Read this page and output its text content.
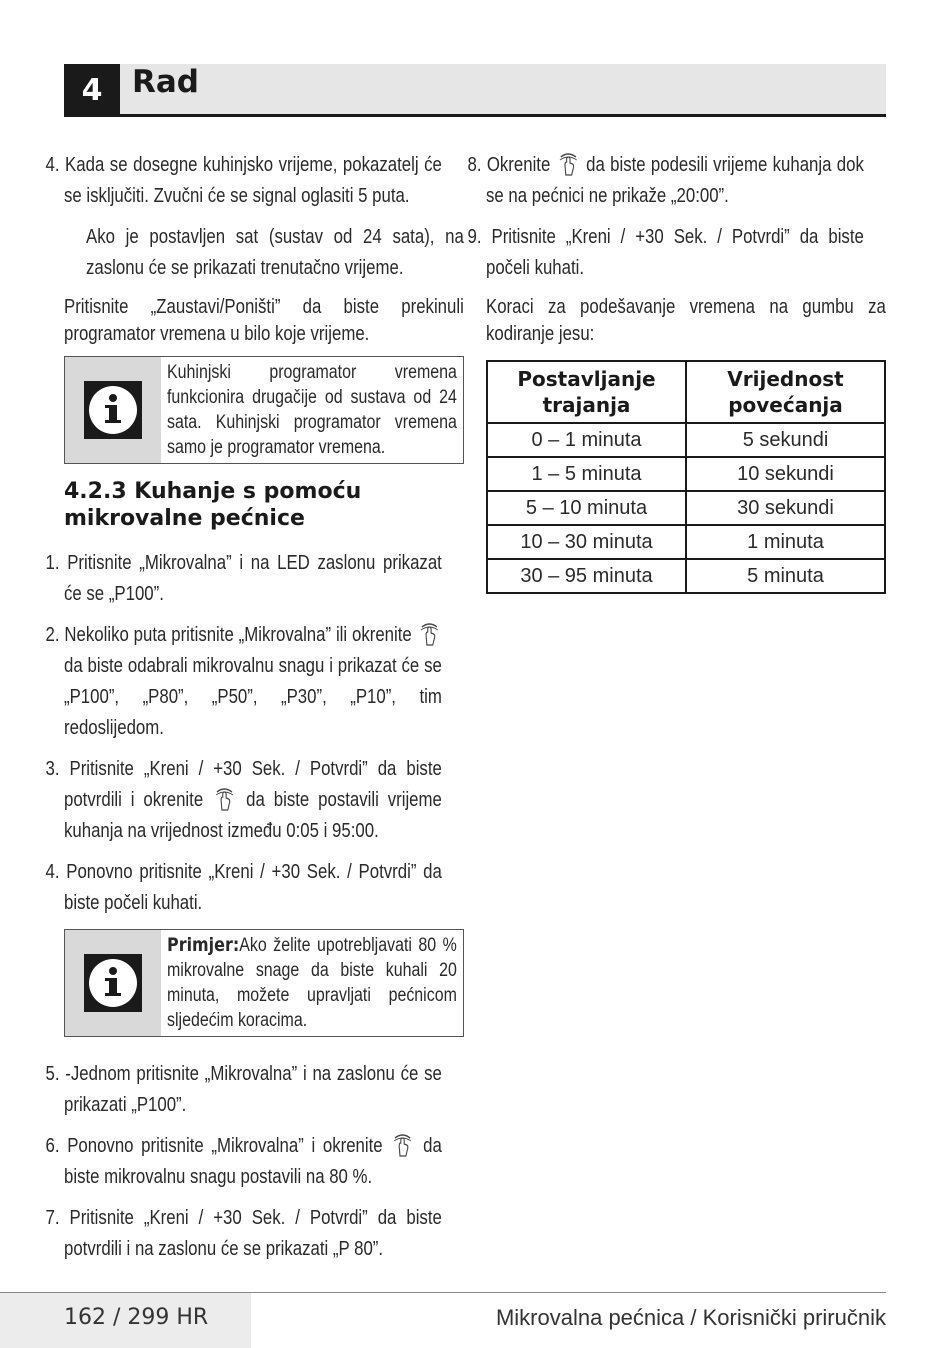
4 Rad

4. Kada se dosegne kuhinjsko vrijeme, pokazatelj će se isključiti. Zvučni će se signal oglasiti 5 puta.

Ako je postavljen sat (sustav od 24 sata), na zaslonu će se prikazati trenutačno vrijeme.

Pritisnite „Zaustavi/Poništi” da biste prekinuli programator vremena u bilo koje vrijeme.

Kuhinjski programator vremena funkcionira drugačije od sustava od 24 sata. Kuhinjski programator vremena samo je programator vremena.
4.2.3 Kuhanje s pomoću mikrovalne pećnice

1. Pritisnite „Mikrovalna” i na LED zaslonu prikazat će se „P100”.

2. Nekoliko puta pritisnite „Mikrovalna” ili okrenite  da biste odabrali mikrovalnu snagu i prikazat će se „P100”, „P80”, „P50”, „P30”, „P10”, tim redoslijedom.

3. Pritisnite „Kreni / +30 Sek. / Potvrdi” da biste potvrdili i okrenite da biste postavili vrijeme kuhanja na vrijednost između 0:05 i 95:00.

4. Ponovno pritisnite „Kreni / +30 Sek. / Potvrdi” da biste počeli kuhati.

Primjer:Ako želite upotrebljavati 80 % mikrovalne snage da biste kuhali 20 minuta, možete upravljati pećnicom sljedećim koracima.

5. -Jednom pritisnite „Mikrovalna” i na zaslonu će se prikazati „P100”.

6. Ponovno pritisnite „Mikrovalna” i okrenite da biste mikrovalnu snagu postavili na 80 %.

7. Pritisnite „Kreni / +30 Sek. / Potvrdi” da biste potvrdili i na zaslonu će se prikazati „P 80”.

8. Okrenite da biste podesili vrijeme kuhanja dok se na pećnici ne prikaže „20:00”.

9. Pritisnite „Kreni / +30 Sek. / Potvrdi” da biste počeli kuhati.

Koraci za podešavanje vremena na gumbu za kodiranje jesu:

Postavljanje trajanja	Vrijednost povećanja
0 – 1 minuta	5 sekundi
1 – 5 minuta	10 sekundi
5 – 10 minuta	30 sekundi
10 – 30 minuta	1 minuta
30 – 95 minuta	5 minuta
162 / 299 HR	Mikrovalna pećnica / Korisnički priručnik
